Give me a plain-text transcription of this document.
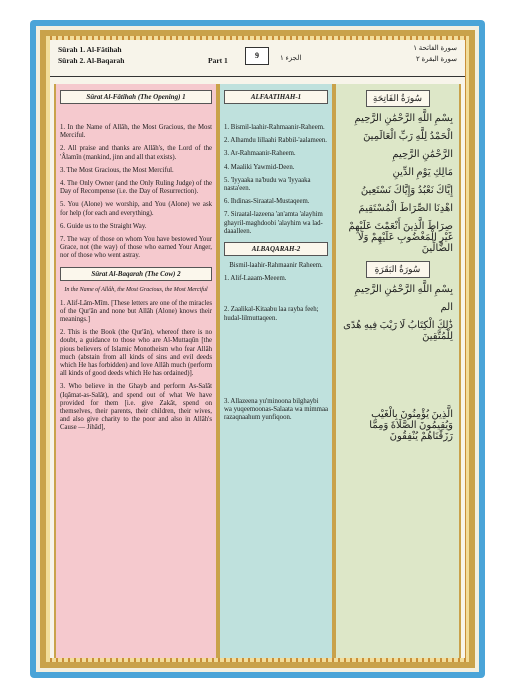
Sûrah 1. Al-Fâtihah
Sûrah 2. Al-Baqarah	Part 1
9	الجزء ١
سورة الفاتحة ١
سورة البقرة ٢
Sûrat Al-Fâtihah (The Opening) 1

1. In the Name of Allâh, the Most Gracious, the Most Merciful.

2. All praise and thanks are Allâh's, the Lord of the 'Âlamîn (mankind, jinn and all that exists).

3. The Most Gracious, the Most Merciful.

4. The Only Owner (and the Only Ruling Judge) of the Day of Recompense (i.e. the Day of Resurrection).

5. You (Alone) we worship, and You (Alone) we ask for help (for each and everything).

6. Guide us to the Straight Way.

7. The way of those on whom You have bestowed Your Grace, not (the way) of those who earned Your Anger, nor of those who went astray.

Sûrat Al-Baqarah (The Cow) 2
In the Name of Allâh, the Most Gracious, the Most Merciful

1. Alif-Lâm-Mîm. [These letters are one of the miracles of the Qur'ân and none but Allâh (Alone) knows their meanings.]

2. This is the Book (the Qur'ân), whereof there is no doubt, a guidance to those who are Al-Muttaqûn [the pious believers of Islamic Monotheism who fear Allâh much (abstain from all kinds of sins and evil deeds which He has forbidden) and love Allâh much (perform all kinds of good deeds which He has ordained)].

3. Who believe in the Ghayb and perform As-Salât (Iqâmat-as-Salât), and spend out of what We have provided for them [i.e. give Zakât, spend on themselves, their parents, their children, their wives, and also give charity to the poor and also in Allâh's Cause — Jihâd],

ALFAATIHAH-1

1. Bismil-laahir-Rahmaanir-Raheem.

2. Alhamdu lillaahi Rabbil-'aalameen.

3. Ar-Rahmaanir-Raheem.

4. Maaliki Yawmid-Deen.

5. 'Iyyaaka na'budu wa 'Iyyaaka nasta'een.

6. Ihdinas-Siraatal-Mustaqeem.

7. Siraatal-lazeena 'an'amta 'alayhim ghayril-maghdoobi 'alayhim wa lad-daaalleen.

ALBAQARAH-2

Bismil-laahir-Rahmaanir Raheem.

1. Alif-Laaam-Meeem.

2. Zaalikal-Kitaabu laa rayba feeh; hudal-lilmuttaqeen.

3. Allazeena yu'minoona bilghaybi wa yuqeemoonas-Salaata wa mimmaa razaqnaahum yunfiqoon.

سُورَةُ الفَاتِحَةِ
بِسْمِ اللَّهِ الرَّحْمَٰنِ الرَّحِيمِ
الْحَمْدُ لِلَّهِ رَبِّ الْعَالَمِينَ
الرَّحْمَٰنِ الرَّحِيمِ
مَالِكِ يَوْمِ الدِّينِ
إِيَّاكَ نَعْبُدُ وَإِيَّاكَ نَسْتَعِينُ
اهْدِنَا الصِّرَاطَ الْمُسْتَقِيمَ
صِرَاطَ الَّذِينَ أَنْعَمْتَ عَلَيْهِمْ غَيْرِ الْمَغْضُوبِ عَلَيْهِمْ وَلَا الضَّالِّينَ
سُورَةُ البَقَرَةِ
بِسْمِ اللَّهِ الرَّحْمَٰنِ الرَّحِيمِ
الم
ذَٰلِكَ الْكِتَابُ لَا رَيْبَ فِيهِ هُدًى لِلْمُتَّقِينَ
الَّذِينَ يُؤْمِنُونَ بِالْغَيْبِ وَيُقِيمُونَ الصَّلَاةَ وَمِمَّا رَزَقْنَاهُمْ يُنْفِقُونَ
